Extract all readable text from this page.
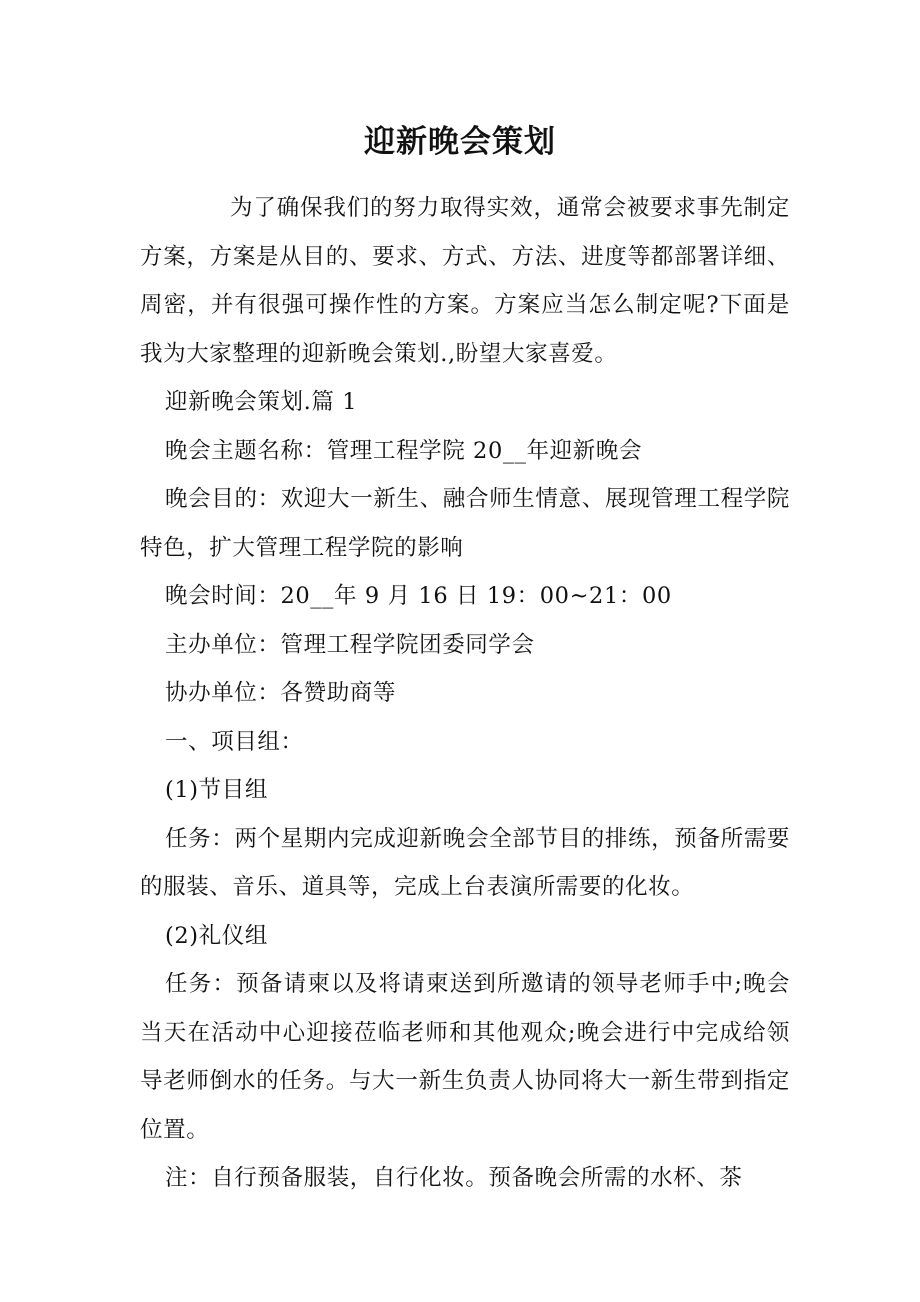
迎新晚会策划

为了确保我们的努力取得实效，通常会被要求事先制定方案，方案是从目的、要求、方式、方法、进度等都部署详细、周密，并有很强可操作性的方案。方案应当怎么制定呢?下面是我为大家整理的迎新晚会策划.,盼望大家喜爱。

迎新晚会策划.篇 1

晚会主题名称：管理工程学院 20__年迎新晚会

晚会目的：欢迎大一新生、融合师生情意、展现管理工程学院特色，扩大管理工程学院的影响

晚会时间：20__年 9 月 16 日 19：00~21：00

主办单位：管理工程学院团委同学会

协办单位：各赞助商等

一、项目组：

(1)节目组

任务：两个星期内完成迎新晚会全部节目的排练，预备所需要的服装、音乐、道具等，完成上台表演所需要的化妆。

(2)礼仪组

任务：预备请柬以及将请柬送到所邀请的领导老师手中;晚会当天在活动中心迎接莅临老师和其他观众;晚会进行中完成给领导老师倒水的任务。与大一新生负责人协同将大一新生带到指定位置。

注：自行预备服装，自行化妆。预备晚会所需的水杯、茶
